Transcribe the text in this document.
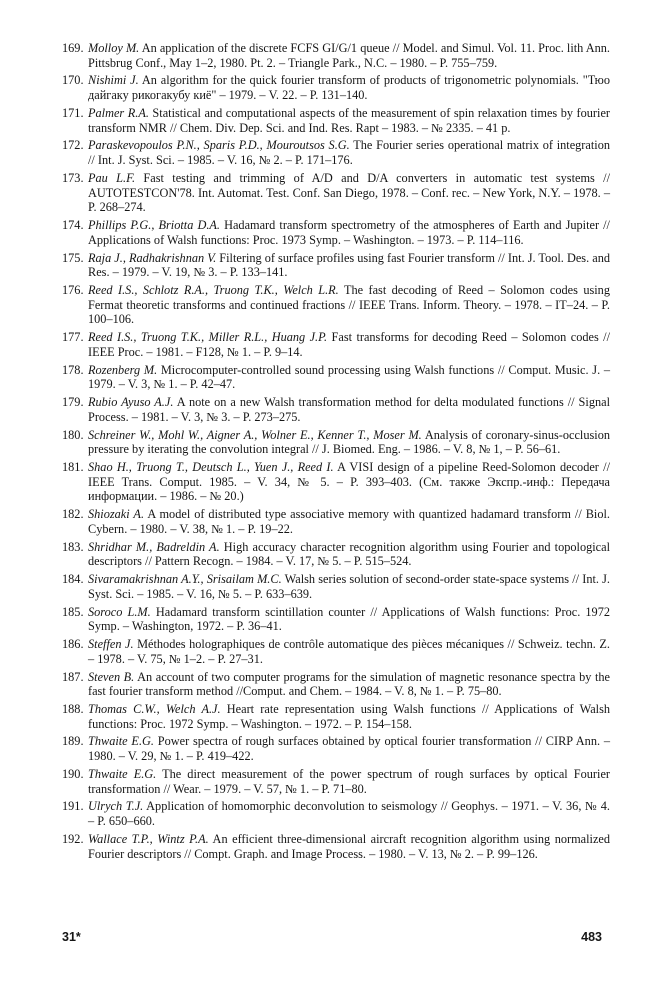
169. Molloy M. An application of the discrete FCFS GI/G/1 queue // Model. and Simul. Vol. 11. Proc. lith Ann. Pittsbrug Conf., May 1–2, 1980. Pt. 2. – Triangle Park., N.C. – 1980. – P. 755–759.
170. Nishimi J. An algorithm for the quick fourier transform of products of trigonometric polynomials. "Тюо дайгаку рикогакубу киё" – 1979. – V. 22. – P. 131–140.
171. Palmer R.A. Statistical and computational aspects of the measurement of spin relaxation times by fourier transform NMR // Chem. Div. Dep. Sci. and Ind. Res. Rapt – 1983. – № 2335. – 41 p.
172. Paraskevopoulos P.N., Sparis P.D., Mouroutsos S.G. The Fourier series operational matrix of integration // Int. J. Syst. Sci. – 1985. – V. 16, № 2. – P. 171–176.
173. Pau L.F. Fast testing and trimming of A/D and D/A converters in automatic test systems // AUTOTESTCON'78. Int. Automat. Test. Conf. San Diego, 1978. – Conf. rec. – New York, N.Y. – 1978. – P. 268–274.
174. Phillips P.G., Briotta D.A. Hadamard transform spectrometry of the atmospheres of Earth and Jupiter // Applications of Walsh functions: Proc. 1973 Symp. – Washington. – 1973. – P. 114–116.
175. Raja J., Radhakrishnan V. Filtering of surface profiles using fast Fourier transform // Int. J. Tool. Des. and Res. – 1979. – V. 19, № 3. – P. 133–141.
176. Reed I.S., Schlotz R.A., Truong T.K., Welch L.R. The fast decoding of Reed – Solomon codes using Fermat theoretic transforms and continued fractions // IEEE Trans. Inform. Theory. – 1978. – IT–24. – P. 100–106.
177. Reed I.S., Truong T.K., Miller R.L., Huang J.P. Fast transforms for decoding Reed – Solomon codes // IEEE Proc. – 1981. – F128, № 1. – P. 9–14.
178. Rozenberg M. Microcomputer-controlled sound processing using Walsh functions // Comput. Music. J. – 1979. – V. 3, № 1. – P. 42–47.
179. Rubio Ayuso A.J. A note on a new Walsh transformation method for delta modulated functions // Signal Process. – 1981. – V. 3, № 3. – P. 273–275.
180. Schreiner W., Mohl W., Aigner A., Wolner E., Kenner T., Moser M. Analysis of coronary-sinus-occlusion pressure by iterating the convolution integral // J. Biomed. Eng. – 1986. – V. 8, № 1, – P. 56–61.
181. Shao H., Truong T., Deutsch L., Yuen J., Reed I. A VISI design of a pipeline Reed-Solomon decoder // IEEE Trans. Comput. 1985. – V. 34, № 5. – P. 393–403. (См. также Экспр.-инф.: Передача информации. – 1986. – № 20.)
182. Shiozaki A. A model of distributed type associative memory with quantized hadamard transform // Biol. Cybern. – 1980. – V. 38, № 1. – P. 19–22.
183. Shridhar M., Badreldin A. High accuracy character recognition algorithm using Fourier and topological descriptors // Pattern Recogn. – 1984. – V. 17, № 5. – P. 515–524.
184. Sivaramakrishnan A.Y., Srisailam M.C. Walsh series solution of second-order state-space systems // Int. J. Syst. Sci. – 1985. – V. 16, № 5. – P. 633–639.
185. Soroco L.M. Hadamard transform scintillation counter // Applications of Walsh functions: Proc. 1972 Symp. – Washington, 1972. – P. 36–41.
186. Steffen J. Méthodes holographiques de contrôle automatique des pièces mécaniques // Schweiz. techn. Z. – 1978. – V. 75, № 1–2. – P. 27–31.
187. Steven B. An account of two computer programs for the simulation of magnetic resonance spectra by the fast fourier transform method //Comput. and Chem. – 1984. – V. 8, № 1. – P. 75–80.
188. Thomas C.W., Welch A.J. Heart rate representation using Walsh functions // Applications of Walsh functions: Proc. 1972 Symp. – Washington. – 1972. – P. 154–158.
189. Thwaite E.G. Power spectra of rough surfaces obtained by optical fourier transformation // CIRP Ann. – 1980. – V. 29, № 1. – P. 419–422.
190. Thwaite E.G. The direct measurement of the power spectrum of rough surfaces by optical Fourier transformation // Wear. – 1979. – V. 57, № 1. – P. 71–80.
191. Ulrych T.J. Application of homomorphic deconvolution to seismology // Geophys. – 1971. – V. 36, № 4. – P. 650–660.
192. Wallace T.P., Wintz P.A. An efficient three-dimensional aircraft recognition algorithm using normalized Fourier descriptors // Compt. Graph. and Image Process. – 1980. – V. 13, № 2. – P. 99–126.
31*	483
